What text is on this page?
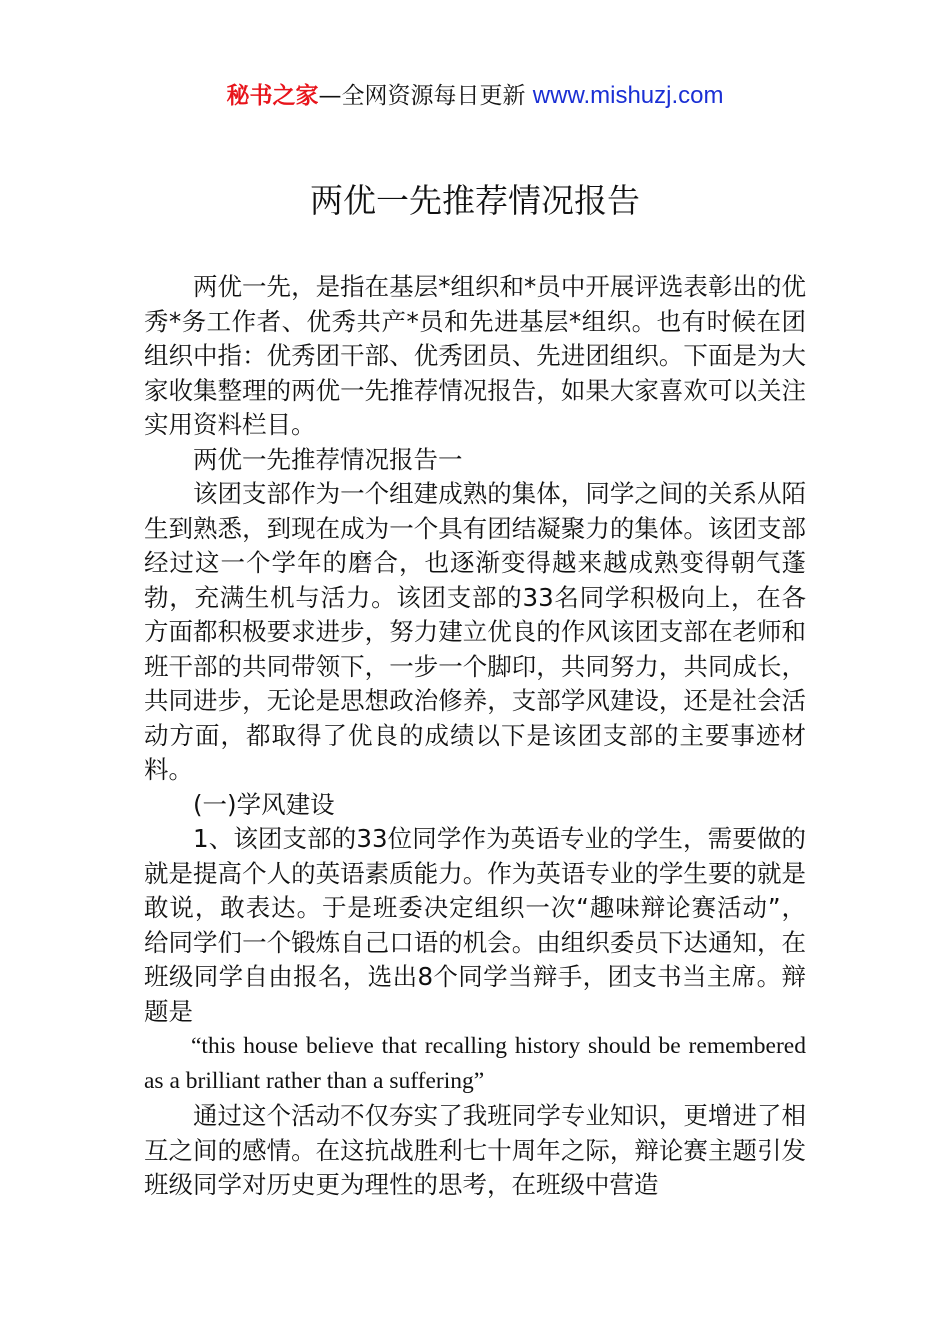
秘书之家—全网资源每日更新 www.mishuzj.com
两优一先推荐情况报告

两优一先，是指在基层*组织和*员中开展评选表彰出的优秀*务工作者、优秀共产*员和先进基层*组织。也有时候在团组织中指：优秀团干部、优秀团员、先进团组织。下面是为大家收集整理的两优一先推荐情况报告，如果大家喜欢可以关注实用资料栏目。

两优一先推荐情况报告一

该团支部作为一个组建成熟的集体，同学之间的关系从陌生到熟悉，到现在成为一个具有团结凝聚力的集体。该团支部经过这一个学年的磨合，也逐渐变得越来越成熟变得朝气蓬勃，充满生机与活力。该团支部的33名同学积极向上，在各方面都积极要求进步，努力建立优良的作风该团支部在老师和班干部的共同带领下，一步一个脚印，共同努力，共同成长，共同进步，无论是思想政治修养，支部学风建设，还是社会活动方面，都取得了优良的成绩以下是该团支部的主要事迹材料。

(一)学风建设

1、该团支部的33位同学作为英语专业的学生，需要做的就是提高个人的英语素质能力。作为英语专业的学生要的就是敢说，敢表达。于是班委决定组织一次“趣味辩论赛活动”，给同学们一个锻炼自己口语的机会。由组织委员下达通知，在班级同学自由报名，选出8个同学当辩手，团支书当主席。辩题是

“this house believe that recalling history should be remembered as a brilliant rather than a suffering”

通过这个活动不仅夯实了我班同学专业知识，更增进了相互之间的感情。在这抗战胜利七十周年之际，辩论赛主题引发班级同学对历史更为理性的思考，在班级中营造
